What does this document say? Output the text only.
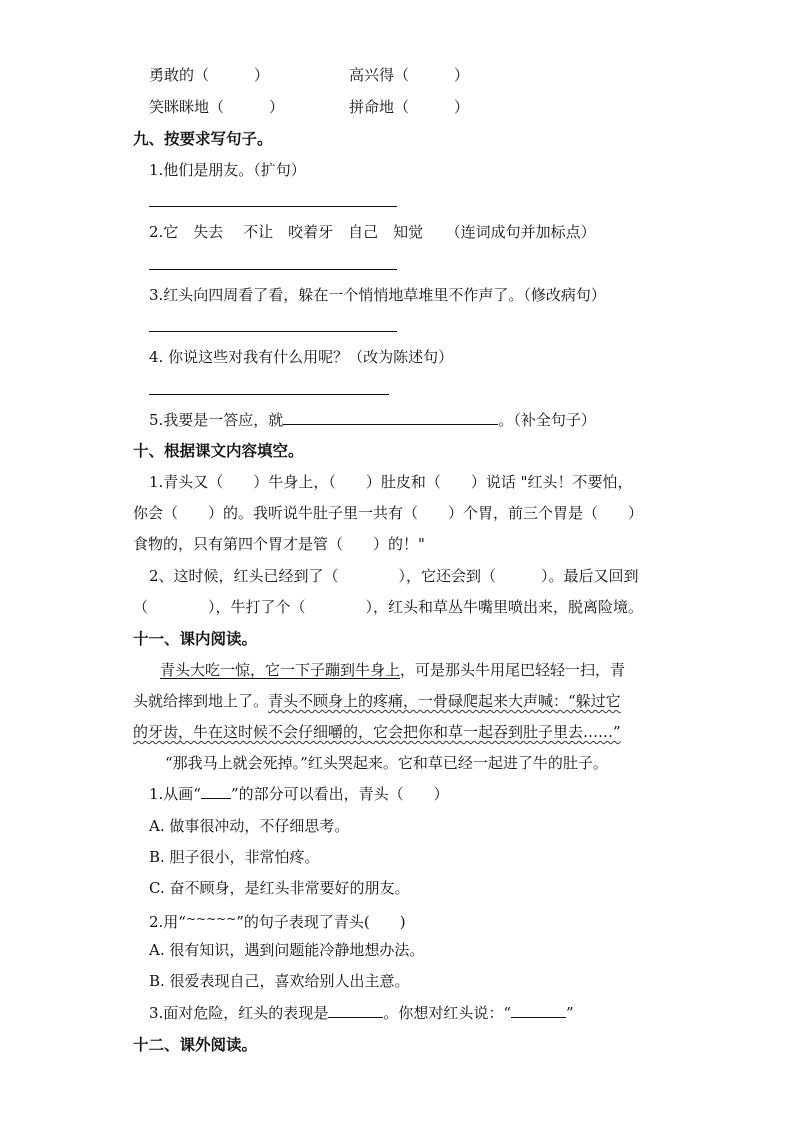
勇敢的（　　　）	高兴得（　　　）
笑眯眯地（　　　）	拼命地（　　　）
九、按要求写句子。
1.他们是朋友。（扩句）
2.它　失去　 不让　咬着牙　自己　知觉　　（连词成句并加标点）
3.红头向四周看了看，躲在一个悄悄地草堆里不作声了。（修改病句）
4. 你说这些对我有什么用呢？（改为陈述句）
5.我要是一答应，就	。（补全句子）
十、根据课文内容填空。
1.青头又（　　）牛身上，（　　）肚皮和（　　）说话 "红头！不要怕，
你会（　　）的。我听说牛肚子里一共有（　　）个胃，前三个胃是（　　）
食物的，只有第四个胃才是管（　　）的！"
2、这时候，红头已经到了（　　　　），它还会到（　　　）。最后又回到
（　　　　），牛打了个（　　　　），红头和草丛牛嘴里喷出来，脱离险境。
十一、课内阅读。
青头大吃一惊，它一下子蹦到牛身上，可是那头牛用尾巴轻轻一扫，青
头就给摔到地上了。青头不顾身上的疼痛，一骨碌爬起来大声喊：“躲过它
的牙齿，牛在这时候不会仔细嚼的，它会把你和草一起吞到肚子里去……”
“那我马上就会死掉。”红头哭起来。它和草已经一起进了牛的肚子。
1.从画“ ”的部分可以看出，青头（　　）
A. 做事很冲动，不仔细思考。
B. 胆子很小，非常怕疼。
C. 奋不顾身，是红头非常要好的朋友。
2.用“~~~~~”的句子表现了青头(　　)
A. 很有知识，遇到问题能冷静地想办法。
B. 很爱表现自己，喜欢给别人出主意。
3.面对危险，红头的表现是	。你想对红头说：“	”
十二、课外阅读。
